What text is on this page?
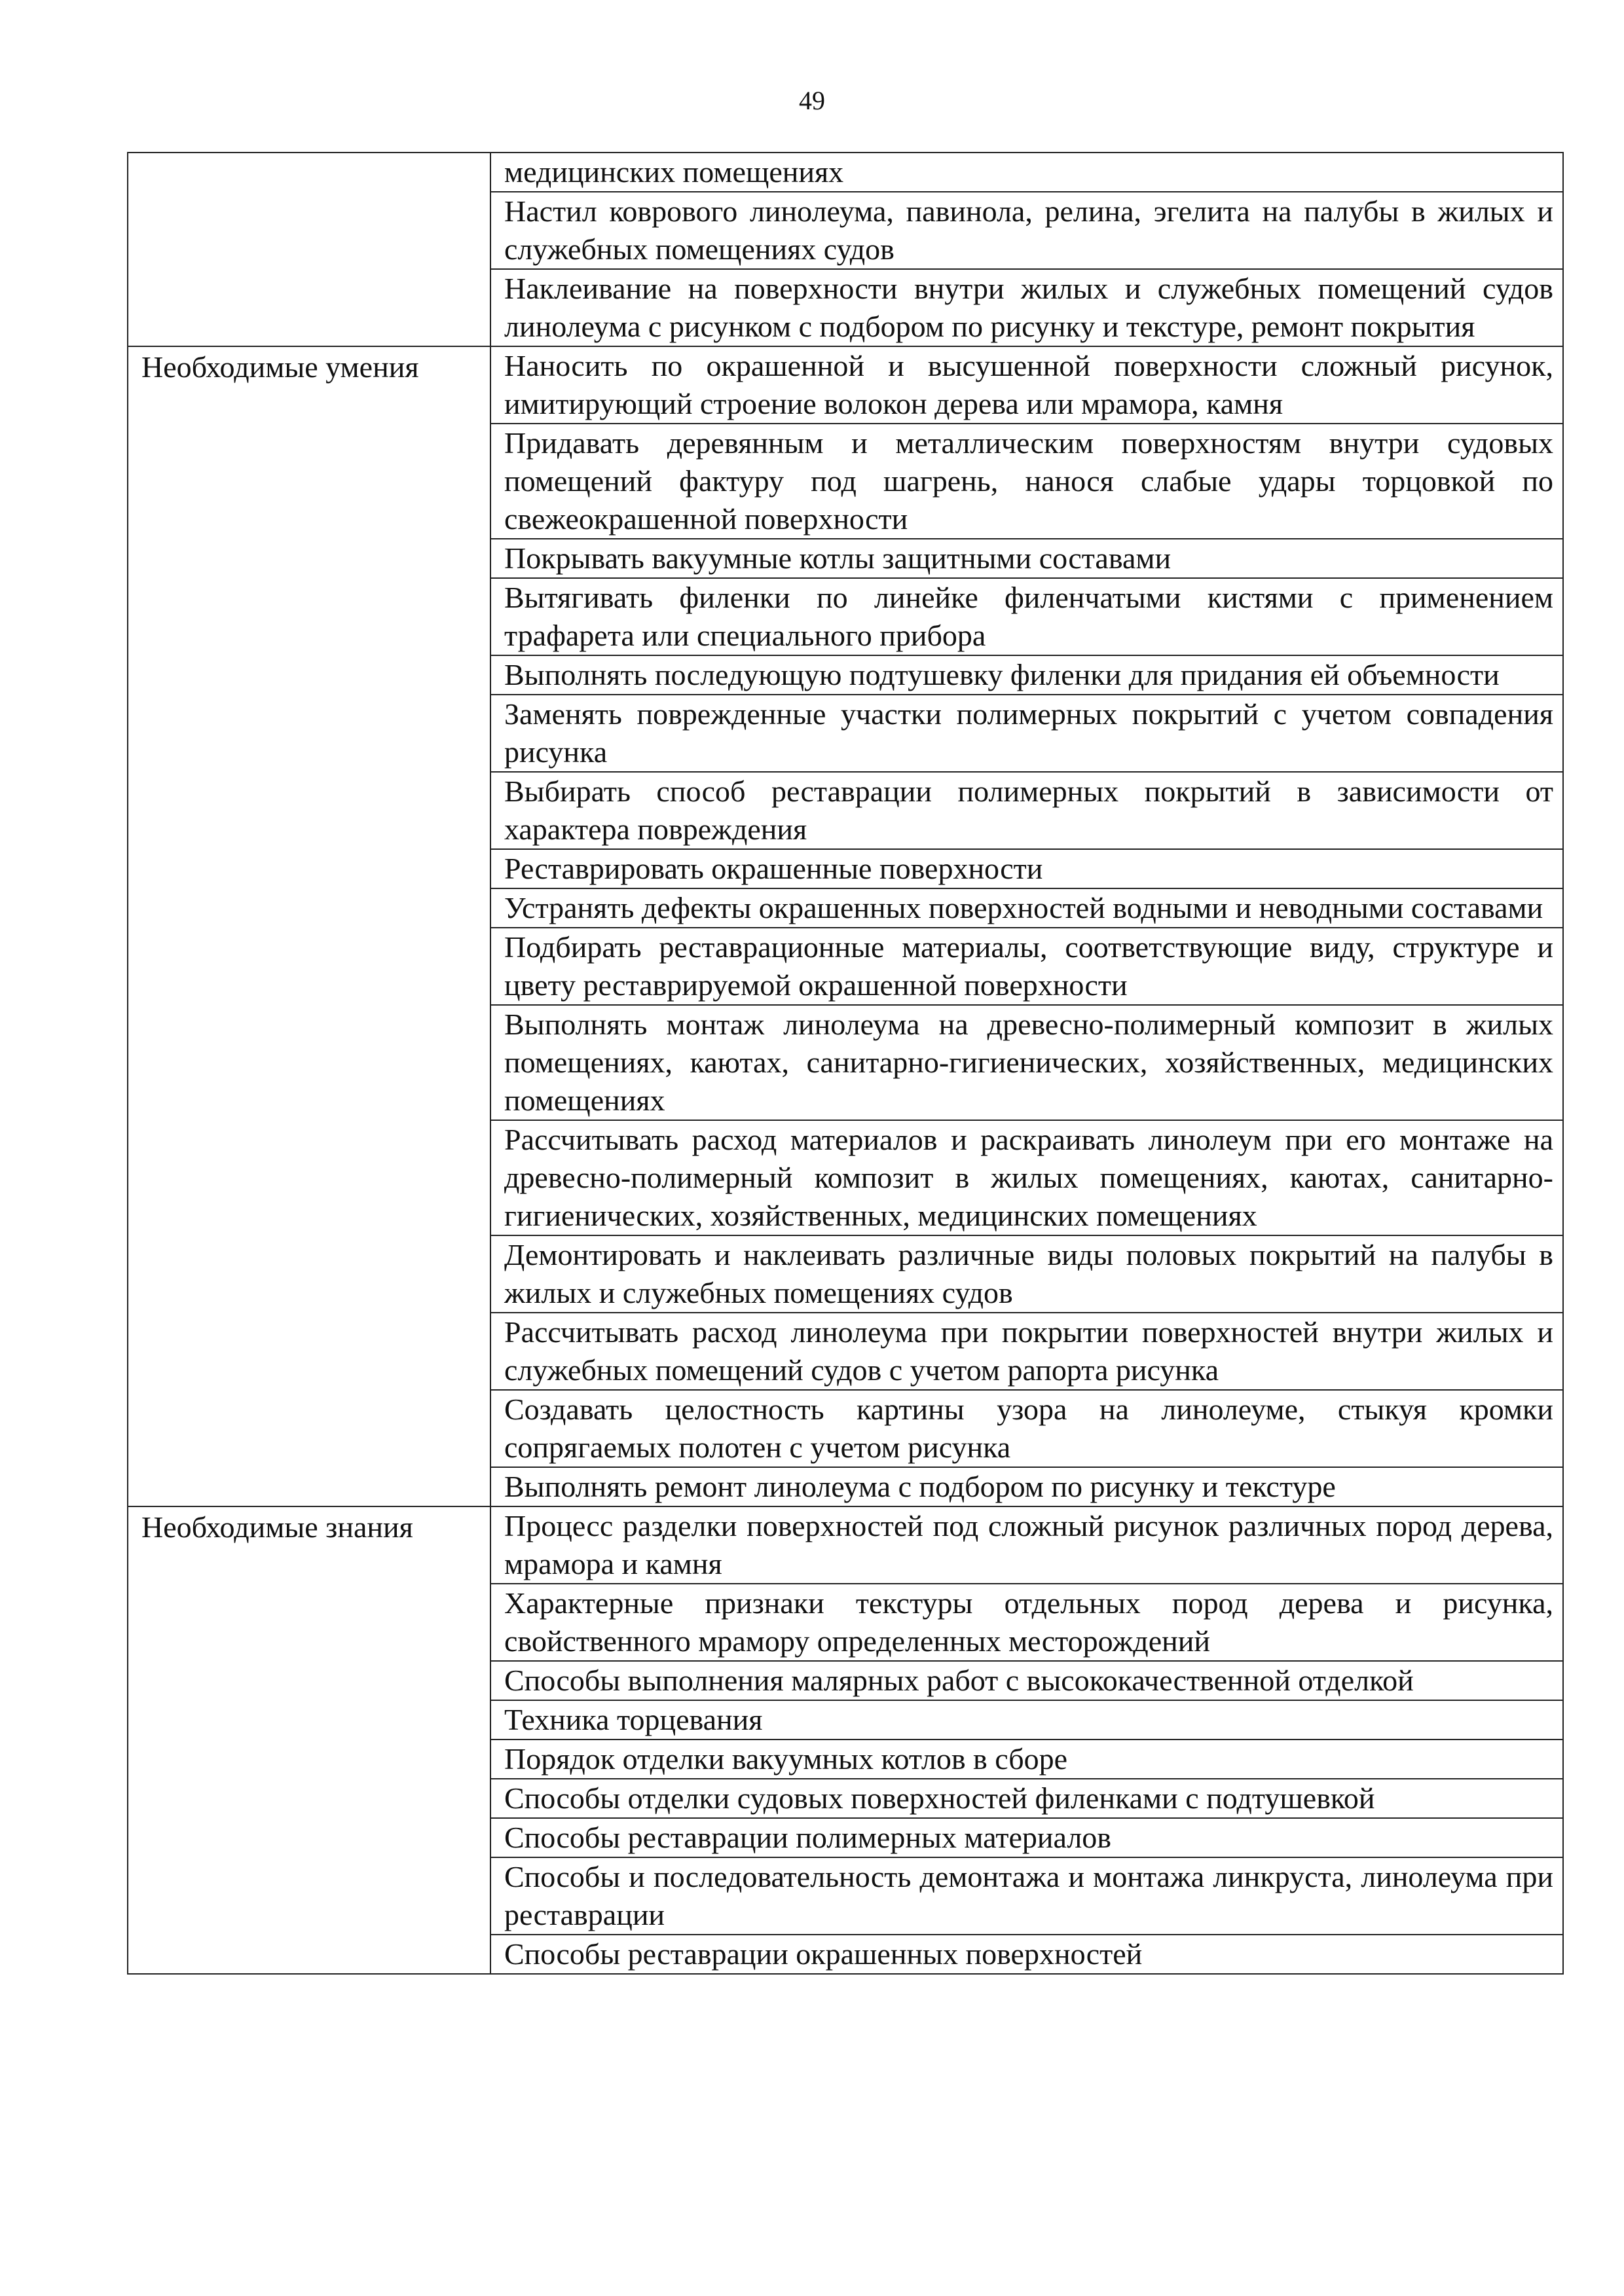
49
	медицинских помещениях
	Настил коврового линолеума, павинола, релина, эгелита на палубы в жилых и служебных помещениях судов
	Наклеивание на поверхности внутри жилых и служебных помещений судов линолеума с рисунком с подбором по рисунку и текстуре, ремонт покрытия
Необходимые умения	Наносить по окрашенной и высушенной поверхности сложный рисунок, имитирующий строение волокон дерева или мрамора, камня
	Придавать деревянным и металлическим поверхностям внутри судовых помещений фактуру под шагрень, нанося слабые удары торцовкой по свежеокрашенной поверхности
	Покрывать вакуумные котлы защитными составами
	Вытягивать филенки по линейке филенчатыми кистями с применением трафарета или специального прибора
	Выполнять последующую подтушевку филенки для придания ей объемности
	Заменять поврежденные участки полимерных покрытий с учетом совпадения рисунка
	Выбирать способ реставрации полимерных покрытий в зависимости от характера повреждения
	Реставрировать окрашенные поверхности
	Устранять дефекты окрашенных поверхностей водными и неводными составами
	Подбирать реставрационные материалы, соответствующие виду, структуре и цвету реставрируемой окрашенной поверхности
	Выполнять монтаж линолеума на древесно-полимерный композит в жилых помещениях, каютах, санитарно-гигиенических, хозяйственных, медицинских помещениях
	Рассчитывать расход материалов и раскраивать линолеум при его монтаже на древесно-полимерный композит в жилых помещениях, каютах, санитарно-гигиенических, хозяйственных, медицинских помещениях
	Демонтировать и наклеивать различные виды половых покрытий на палубы в жилых и служебных помещениях судов
	Рассчитывать расход линолеума при покрытии поверхностей внутри жилых и служебных помещений судов с учетом рапорта рисунка
	Создавать целостность картины узора на линолеуме, стыкуя кромки сопрягаемых полотен с учетом рисунка
	Выполнять ремонт линолеума с подбором по рисунку и текстуре
Необходимые знания	Процесс разделки поверхностей под сложный рисунок различных пород дерева, мрамора и камня
	Характерные признаки текстуры отдельных пород дерева и рисунка, свойственного мрамору определенных месторождений
	Способы выполнения малярных работ с высококачественной отделкой
	Техника торцевания
	Порядок отделки вакуумных котлов в сборе
	Способы отделки судовых поверхностей филенками с подтушевкой
	Способы реставрации полимерных материалов
	Способы и последовательность демонтажа и монтажа линкруста, линолеума при реставрации
	Способы реставрации окрашенных поверхностей
